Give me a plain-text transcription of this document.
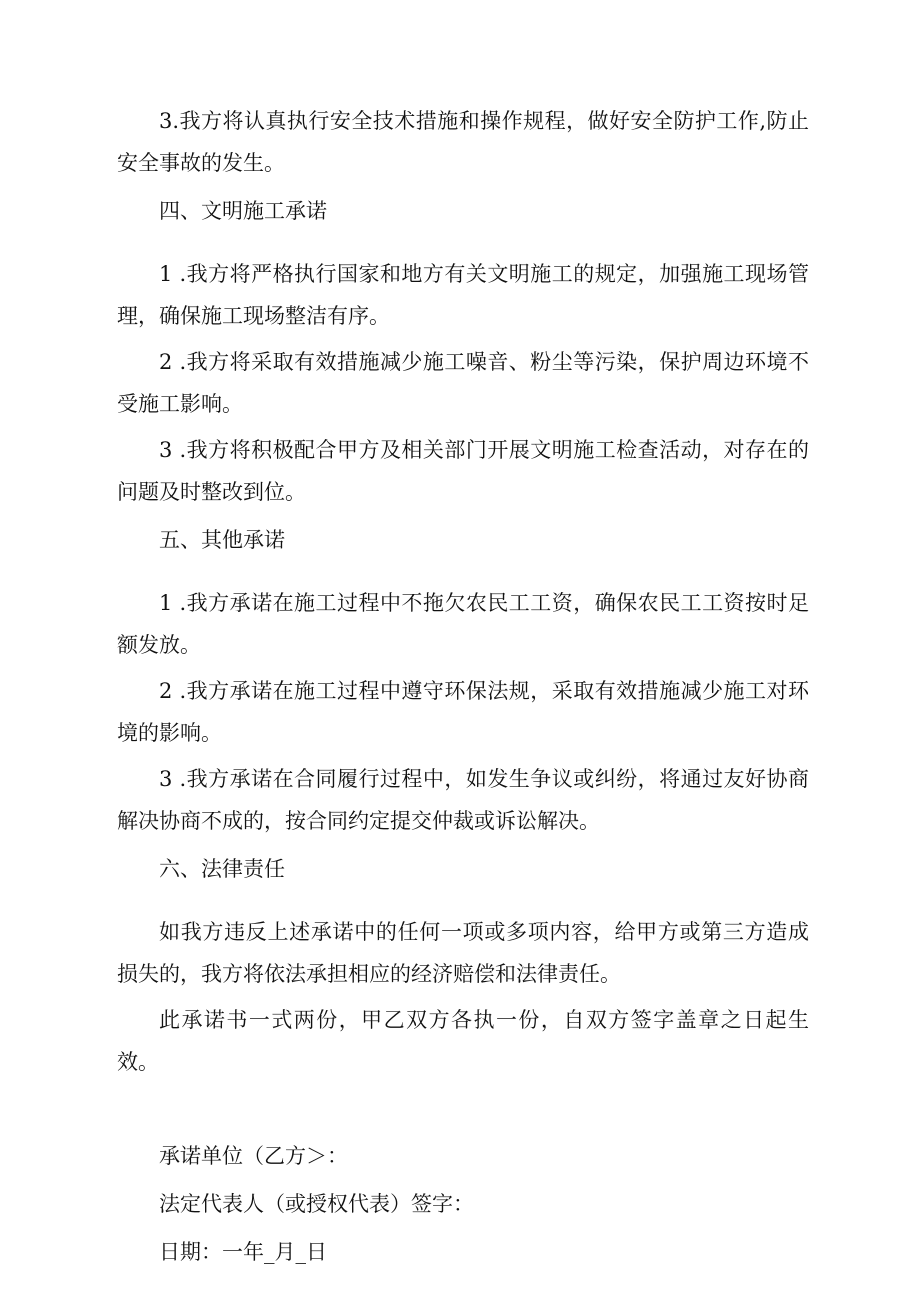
3.我方将认真执行安全技术措施和操作规程，做好安全防护工作,防止安全事故的发生。

四、文明施工承诺

1 .我方将严格执行国家和地方有关文明施工的规定，加强施工现场管理，确保施工现场整洁有序。

2 .我方将采取有效措施减少施工噪音、粉尘等污染，保护周边环境不受施工影响。

3 .我方将积极配合甲方及相关部门开展文明施工检查活动，对存在的问题及时整改到位。

五、其他承诺

1 .我方承诺在施工过程中不拖欠农民工工资，确保农民工工资按时足额发放。

2 .我方承诺在施工过程中遵守环保法规，采取有效措施减少施工对环境的影响。

3 .我方承诺在合同履行过程中，如发生争议或纠纷，将通过友好协商解决协商不成的，按合同约定提交仲裁或诉讼解决。

六、法律责任

如我方违反上述承诺中的任何一项或多项内容，给甲方或第三方造成损失的，我方将依法承担相应的经济赔偿和法律责任。

此承诺书一式两份，甲乙双方各执一份，自双方签字盖章之日起生效。

承诺单位（乙方＞：
法定代表人（或授权代表）签字：
日期：一年_月_日
